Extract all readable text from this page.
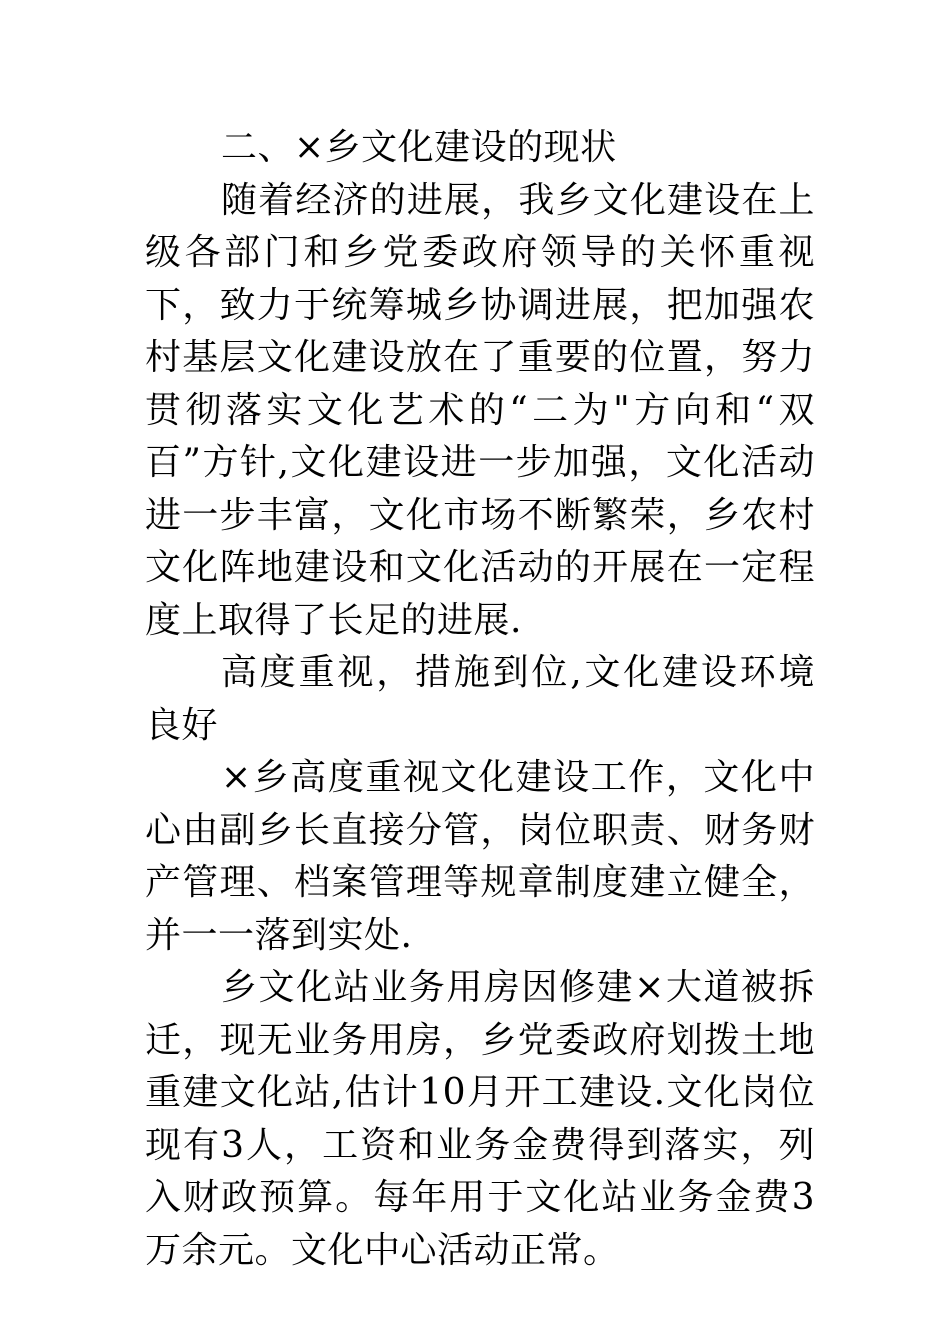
二、×乡文化建设的现状

随着经济的进展，我乡文化建设在上级各部门和乡党委政府领导的关怀重视下，致力于统筹城乡协调进展，把加强农村基层文化建设放在了重要的位置，努力贯彻落实文化艺术的“二为"方向和“双百”方针,文化建设进一步加强，文化活动进一步丰富，文化市场不断繁荣，乡农村文化阵地建设和文化活动的开展在一定程度上取得了长足的进展.

高度重视，措施到位,文化建设环境良好

×乡高度重视文化建设工作，文化中心由副乡长直接分管，岗位职责、财务财产管理、档案管理等规章制度建立健全，并一一落到实处.

乡文化站业务用房因修建×大道被拆迁，现无业务用房，乡党委政府划拨土地重建文化站,估计10月开工建设.文化岗位现有3人，工资和业务金费得到落实，列入财政预算。每年用于文化站业务金费3万余元。文化中心活动正常。
